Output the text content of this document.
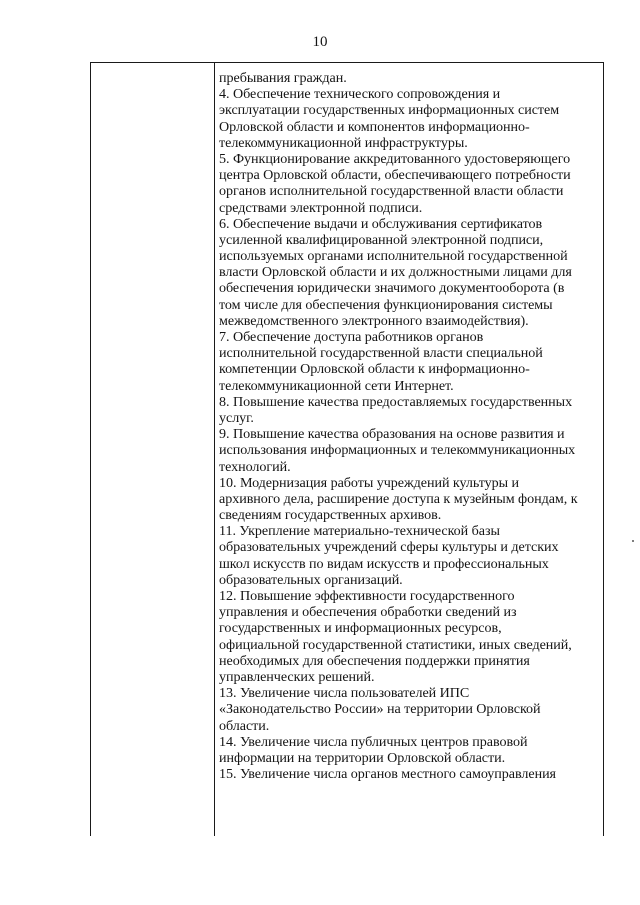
10
пребывания граждан.
4. Обеспечение технического сопровождения и
эксплуатации государственных информационных систем
Орловской области и компонентов информационно-
телекоммуникационной инфраструктуры.
5. Функционирование аккредитованного удостоверяющего
центра Орловской области, обеспечивающего потребности
органов исполнительной государственной власти области
средствами электронной подписи.
6. Обеспечение выдачи и обслуживания сертификатов
усиленной квалифицированной электронной подписи,
используемых органами исполнительной государственной
власти Орловской области и их должностными лицами для
обеспечения юридически значимого документооборота (в
том числе для обеспечения функционирования системы
межведомственного электронного взаимодействия).
7. Обеспечение доступа работников органов
исполнительной государственной власти специальной
компетенции Орловской области к информационно-
телекоммуникационной сети Интернет.
8. Повышение качества предоставляемых государственных
услуг.
9. Повышение качества образования на основе развития и
использования информационных и телекоммуникационных
технологий.
10. Модернизация работы учреждений культуры и
архивного дела, расширение доступа к музейным фондам, к
сведениям государственных архивов.
11. Укрепление материально-технической базы
образовательных учреждений сферы культуры и детских
школ искусств по видам искусств и профессиональных
образовательных организаций.
12. Повышение эффективности государственного
управления и обеспечения обработки сведений из
государственных и информационных ресурсов,
официальной государственной статистики, иных сведений,
необходимых для обеспечения поддержки принятия
управленческих решений.
13. Увеличение числа пользователей ИПС
«Законодательство России» на территории Орловской
области.
14. Увеличение числа публичных центров правовой
информации на территории Орловской области.
15. Увеличение числа органов местного самоуправления
